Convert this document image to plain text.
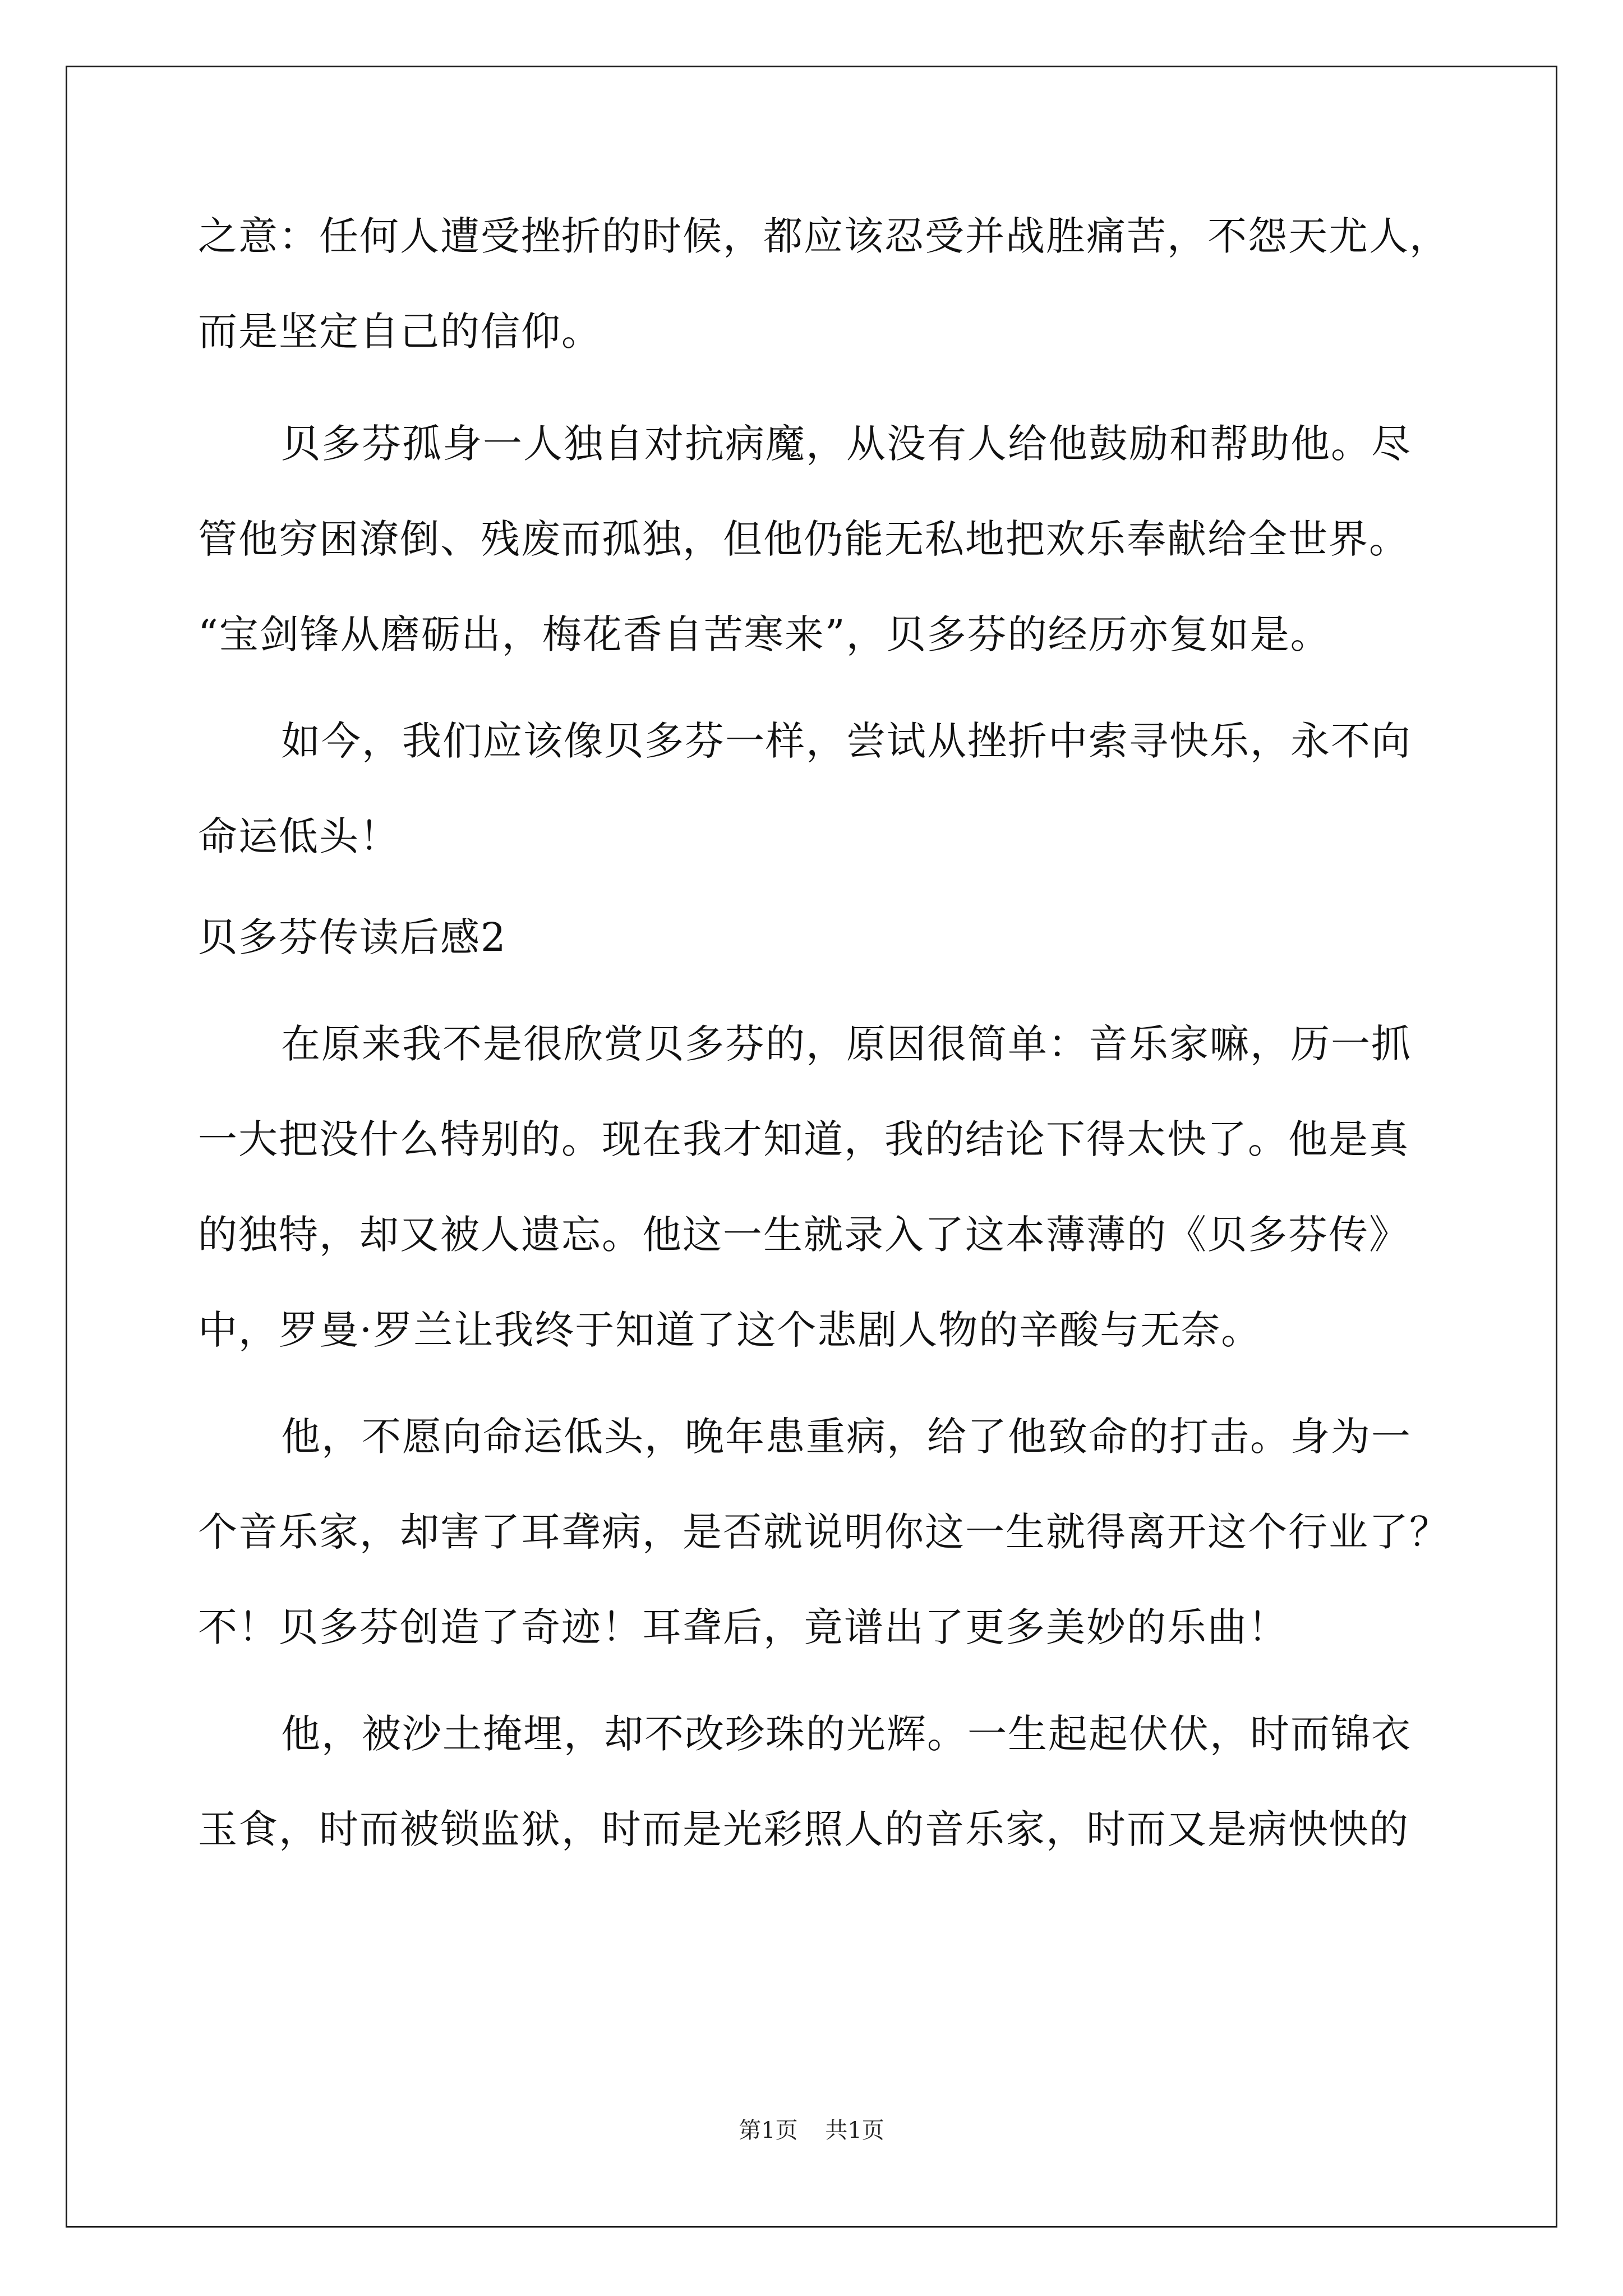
之意：任何人遭受挫折的时候，都应该忍受并战胜痛苦，不怨天尤人，
而是坚定自己的信仰。
贝多芬孤身一人独自对抗病魔，从没有人给他鼓励和帮助他。尽
管他穷困潦倒、残废而孤独，但他仍能无私地把欢乐奉献给全世界。
“宝剑锋从磨砺出，梅花香自苦寒来”，贝多芬的经历亦复如是。
如今，我们应该像贝多芬一样，尝试从挫折中索寻快乐，永不向
命运低头！
贝多芬传读后感2
在原来我不是很欣赏贝多芬的，原因很简单：音乐家嘛，历一抓
一大把没什么特别的。现在我才知道，我的结论下得太快了。他是真
的独特，却又被人遗忘。他这一生就录入了这本薄薄的《贝多芬传》
中，罗曼·罗兰让我终于知道了这个悲剧人物的辛酸与无奈。
他，不愿向命运低头，晚年患重病，给了他致命的打击。身为一
个音乐家，却害了耳聋病，是否就说明你这一生就得离开这个行业了？
不！贝多芬创造了奇迹！耳聋后，竟谱出了更多美妙的乐曲！
他，被沙土掩埋，却不改珍珠的光辉。一生起起伏伏，时而锦衣
玉食，时而被锁监狱，时而是光彩照人的音乐家，时而又是病怏怏的
第1页 共1页
